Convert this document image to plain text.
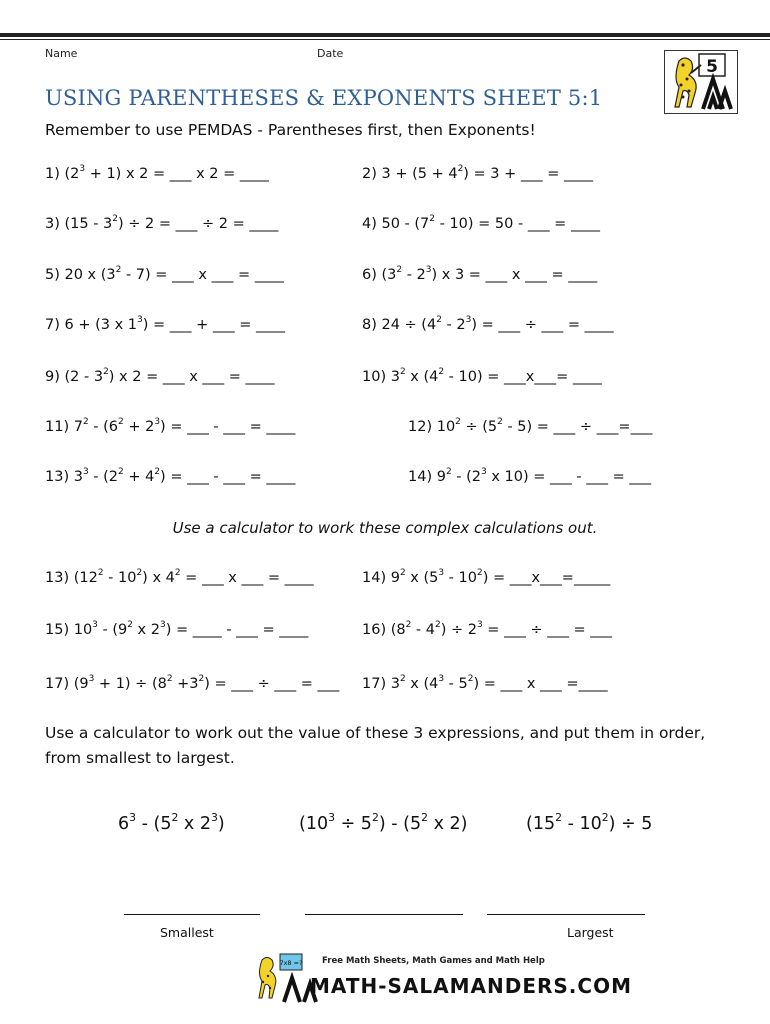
Name	Date
5
USING PARENTHESES & EXPONENTS SHEET 5:1
Remember to use PEMDAS - Parentheses first, then Exponents!
1) $(2^3 + 1)$ x 2 = ___ x 2 = ____	2) $3 + (5 + 4^2) = 3$ + ___ = ____
3) $(15 - 3^2) \div 2$ = ___ ÷ 2 = ____	4) $50 - (7^2 - 10) = 50$ - ___ = ____
5) 20 x $(3^2 - 7)$ = ___ x ___ = ____	6) $(3^2 - 2^3)$ x 3 = ___ x ___ = ____
7) 6 + (3 x $1^3$) = ___ + ___ = ____	8) $24 \div (4^2 - 2^3)$ = ___ ÷ ___ = ____
9) $(2 - 3^2)$ x 2 = ___ x ___ = ____	10) $3^2$ x $(4^2 - 10)$ = ___x___= ____
11) $7^2 - (6^2 + 2^3)$ = ___ - ___ = ____	12) $10^2 \div (5^2 - 5)$ = ___ ÷ ___=___
13) $3^3 - (2^2 + 4^2)$ = ___ - ___ = ____	14) $9^2 - (2^3$ x 10) = ___ - ___ = ___
Use a calculator to work these complex calculations out.
13) $(12^2 - 10^2)$ x $4^2$ = ___ x ___ = ____	14) $9^2$ x $(5^3 - 10^2)$ = ___x___=_____
15) $10^3 - (9^2$ x $2^3$) = ____ - ___ = ____	16) $(8^2 - 4^2) \div 2^3$ = ___ ÷ ___ = ___
17) $(9^3 + 1) \div (8^2 +3^2)$ = ___ ÷ ___ = ___ 17) $3^2$ x $(4^3 - 5^2)$ = ___ x ___ =____
Use a calculator to work out the value of these 3 expressions, and put them in order, from smallest to largest.
$6^3 - (5^2$ x $2^3$)	$(10^3 \div 5^2) - (5^2$ x 2)	$(15^2 - 10^2) \div 5$
Smallest	Largest
7x8 =? Free Math Sheets, Math Games and Math Help
MATH-SALAMANDERS.COM
